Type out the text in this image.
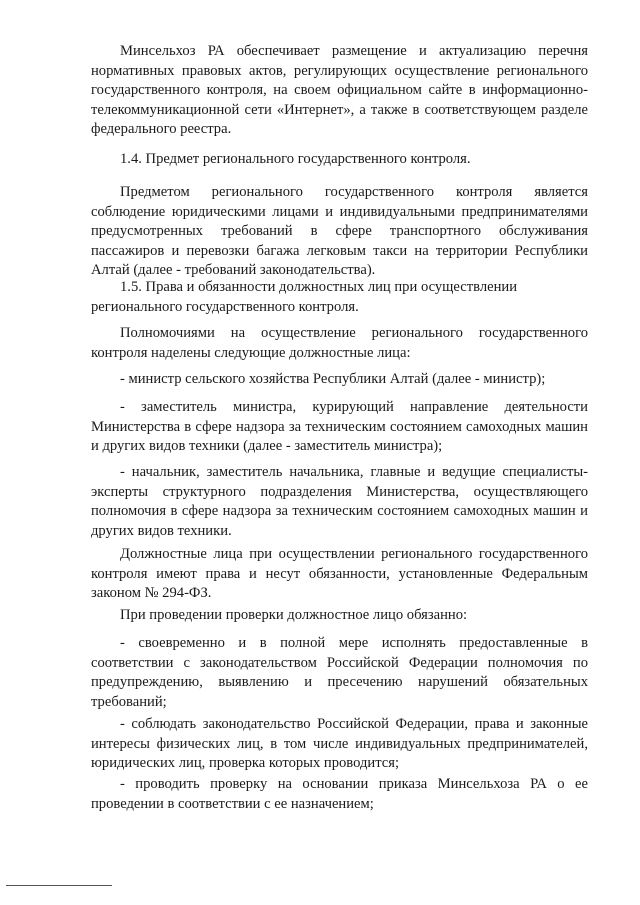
Минсельхоз РА обеспечивает размещение и актуализацию перечня нормативных правовых актов, регулирующих осуществление регионального государственного контроля, на своем официальном сайте в информационно-телекоммуникационной сети «Интернет», а также в соответствующем разделе федерального реестра.

1.4. Предмет регионального государственного контроля.

Предметом регионального государственного контроля является соблюдение юридическими лицами и индивидуальными предпринимателями предусмотренных требований в сфере транспортного обслуживания пассажиров и перевозки багажа легковым такси на территории Республики Алтай (далее - требований законодательства).

1.5. Права и обязанности должностных лиц при осуществлении регионального государственного контроля.

Полномочиями на осуществление регионального государственного контроля наделены следующие должностные лица:

- министр сельского хозяйства Республики Алтай (далее - министр);

- заместитель министра, курирующий направление деятельности Министерства в сфере надзора за техническим состоянием самоходных машин и других видов техники (далее - заместитель министра);

- начальник, заместитель начальника, главные и ведущие специалисты-эксперты структурного подразделения Министерства, осуществляющего полномочия в сфере надзора за техническим состоянием самоходных машин и других видов техники.

Должностные лица при осуществлении регионального государственного контроля имеют права и несут обязанности, установленные Федеральным законом № 294-ФЗ.

При проведении проверки должностное лицо обязанно:

- своевременно и в полной мере исполнять предоставленные в соответствии с законодательством Российской Федерации полномочия по предупреждению, выявлению и пресечению нарушений обязательных требований;

- соблюдать законодательство Российской Федерации, права и законные интересы физических лиц, в том числе индивидуальных предпринимателей, юридических лиц, проверка которых проводится;

- проводить проверку на основании приказа Минсельхоза РА о ее проведении в соответствии с ее назначением;
